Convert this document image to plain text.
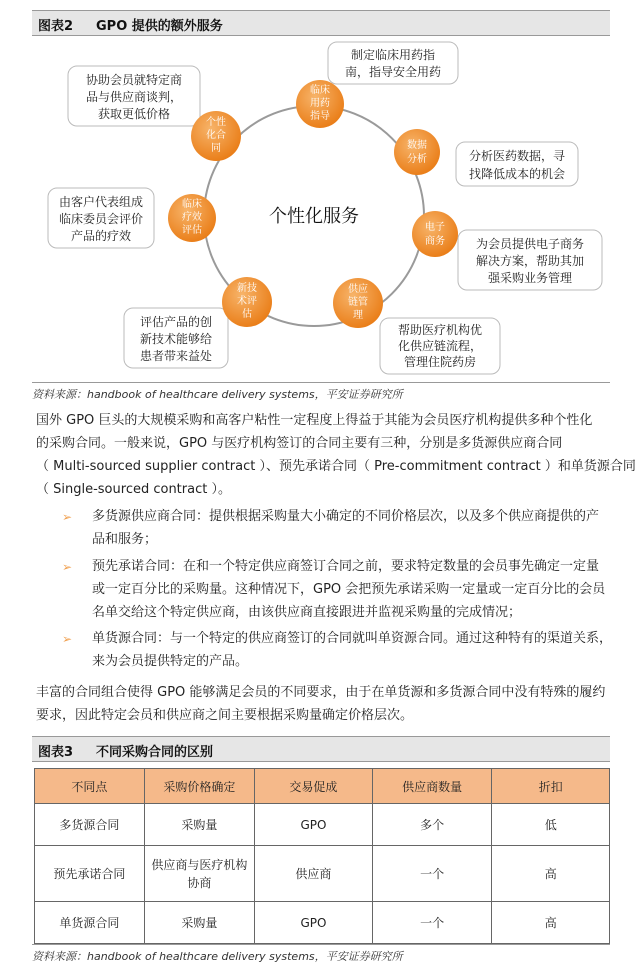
图表2 GPO 提供的额外服务
个性化服务
制定临床用药指
南，指导安全用药
分析医药数据，寻
找降低成本的机会
为会员提供电子商务
解决方案，帮助其加
强采购业务管理
帮助医疗机构优
化供应链流程，
管理住院药房
评估产品的创
新技术能够给
患者带来益处
由客户代表组成
临床委员会评价
产品的疗效
协助会员就特定商
品与供应商谈判，
获取更低价格
临床
用药
指导
数据
分析
电子
商务
供应
链管
理
新技
术评
估
临床
疗效
评估
个性
化合
同
资料来源：handbook of healthcare delivery systems，平安证券研究所
国外 GPO 巨头的大规模采购和高客户粘性一定程度上得益于其能为会员医疗机构提供多种个性化
的采购合同。一般来说，GPO 与医疗机构签订的合同主要有三种，分别是多货源供应商合同
（ Multi-sourced supplier contract ）、预先承诺合同（ Pre-commitment contract ）和单货源合同
（ Single-sourced contract ）。
➢ 多货源供应商合同：提供根据采购量大小确定的不同价格层次，以及多个供应商提供的产
品和服务；
➢ 预先承诺合同：在和一个特定供应商签订合同之前，要求特定数量的会员事先确定一定量
或一定百分比的采购量。这种情况下，GPO 会把预先承诺采购一定量或一定百分比的会员
名单交给这个特定供应商，由该供应商直接跟进并监视采购量的完成情况；
➢ 单货源合同：与一个特定的供应商签订的合同就叫单资源合同。通过这种特有的渠道关系，
来为会员提供特定的产品。
丰富的合同组合使得 GPO 能够满足会员的不同要求，由于在单货源和多货源合同中没有特殊的履约
要求，因此特定会员和供应商之间主要根据采购量确定价格层次。
图表3 不同采购合同的区别
不同点	采购价格确定	交易促成	供应商数量	折扣
多货源合同	采购量	GPO	多个	低
预先承诺合同	供应商与医疗机构协商	供应商	一个	高
单货源合同	采购量	GPO	一个	高
资料来源：handbook of healthcare delivery systems，平安证券研究所
